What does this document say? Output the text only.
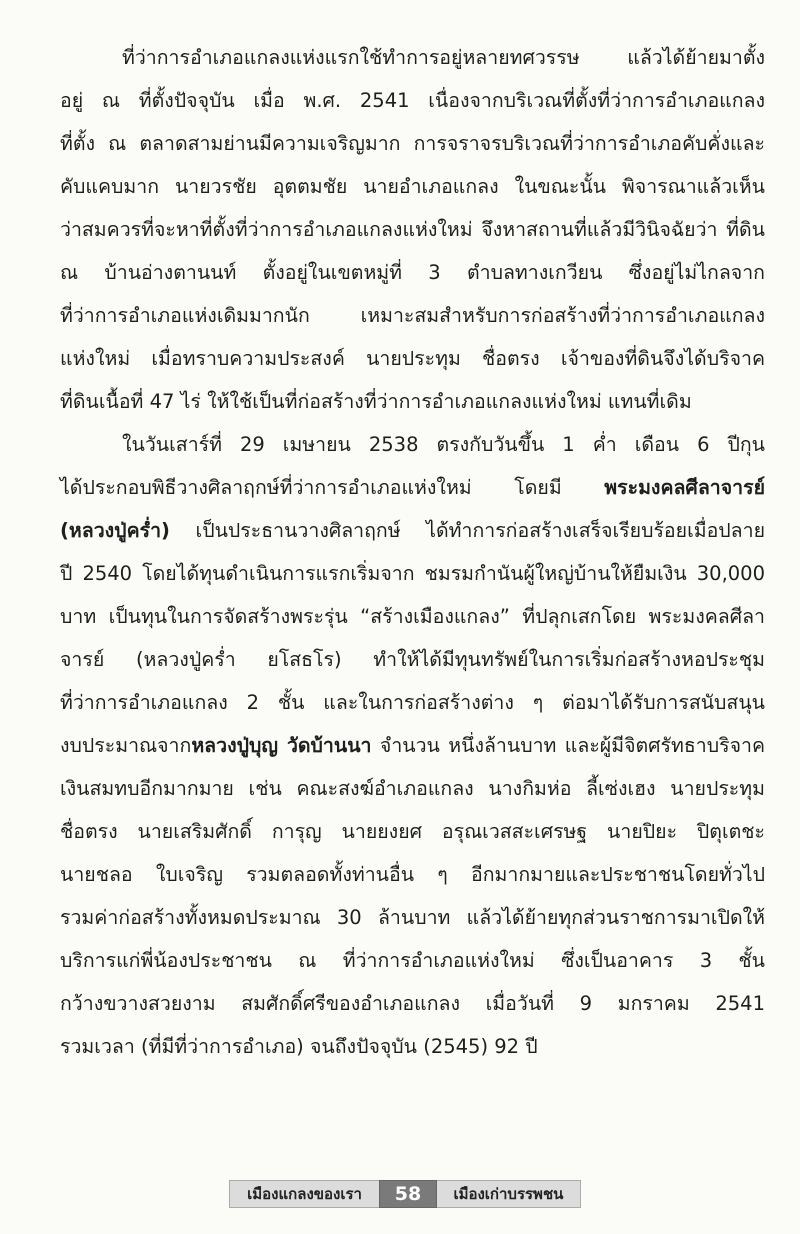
ที่ว่าการอำเภอแกลงแห่งแรกใช้ทำการอยู่หลายทศวรรษ แล้วได้ย้ายมาตั้ง
อยู่ ณ ที่ตั้งปัจจุบัน เมื่อ พ.ศ. 2541 เนื่องจากบริเวณที่ตั้งที่ว่าการอำเภอแกลง
ที่ตั้ง ณ ตลาดสามย่านมีความเจริญมาก การจราจรบริเวณที่ว่าการอำเภอคับคั่งและ
คับแคบมาก นายวรชัย อุตตมชัย นายอำเภอแกลง ในขณะนั้น พิจารณาแล้วเห็น
ว่าสมควรที่จะหาที่ตั้งที่ว่าการอำเภอแกลงแห่งใหม่ จึงหาสถานที่แล้วมีวินิจฉัยว่า ที่ดิน
ณ บ้านอ่างตานนท์ ตั้งอยู่ในเขตหมู่ที่ 3 ตำบลทางเกวียน ซึ่งอยู่ไม่ไกลจาก
ที่ว่าการอำเภอแห่งเดิมมากนัก เหมาะสมสำหรับการก่อสร้างที่ว่าการอำเภอแกลง
แห่งใหม่ เมื่อทราบความประสงค์ นายประทุม ชื่อตรง เจ้าของที่ดินจึงได้บริจาค
ที่ดินเนื้อที่ 47 ไร่ ให้ใช้เป็นที่ก่อสร้างที่ว่าการอำเภอแกลงแห่งใหม่ แทนที่เดิม
ในวันเสาร์ที่ 29 เมษายน 2538 ตรงกับวันขึ้น 1 ค่ำ เดือน 6 ปีกุน
ได้ประกอบพิธีวางศิลาฤกษ์ที่ว่าการอำเภอแห่งใหม่ โดยมี พระมงคลศีลาจารย์
(หลวงปู่คร่ำ) เป็นประธานวางศิลาฤกษ์ ได้ทำการก่อสร้างเสร็จเรียบร้อยเมื่อปลาย
ปี 2540 โดยได้ทุนดำเนินการแรกเริ่มจาก ชมรมกำนันผู้ใหญ่บ้านให้ยืมเงิน 30,000
บาท เป็นทุนในการจัดสร้างพระรุ่น “สร้างเมืองแกลง” ที่ปลุกเสกโดย พระมงคลศีลา
จารย์ (หลวงปู่คร่ำ ยโสธโร) ทำให้ได้มีทุนทรัพย์ในการเริ่มก่อสร้างหอประชุม
ที่ว่าการอำเภอแกลง 2 ชั้น และในการก่อสร้างต่าง ๆ ต่อมาได้รับการสนับสนุน
งบประมาณจากหลวงปู่บุญ วัดบ้านนา จำนวน หนึ่งล้านบาท และผู้มีจิตศรัทธาบริจาค
เงินสมทบอีกมากมาย เช่น คณะสงฆ์อำเภอแกลง นางกิมห่อ ลี้เซ่งเฮง นายประทุม
ชื่อตรง นายเสริมศักดิ์ การุญ นายยงยศ อรุณเวสสะเศรษฐ นายปิยะ ปิตุเตชะ
นายชลอ ใบเจริญ รวมตลอดทั้งท่านอื่น ๆ อีกมากมายและประชาชนโดยทั่วไป
รวมค่าก่อสร้างทั้งหมดประมาณ 30 ล้านบาท แล้วได้ย้ายทุกส่วนราชการมาเปิดให้
บริการแก่พี่น้องประชาชน ณ ที่ว่าการอำเภอแห่งใหม่ ซึ่งเป็นอาคาร 3 ชั้น
กว้างขวางสวยงาม สมศักดิ์ศรีของอำเภอแกลง เมื่อวันที่ 9 มกราคม 2541
รวมเวลา (ที่มีที่ว่าการอำเภอ) จนถึงปัจจุบัน (2545) 92 ปี
เมืองแกลงของเรา	58	เมืองเก่าบรรพชน
